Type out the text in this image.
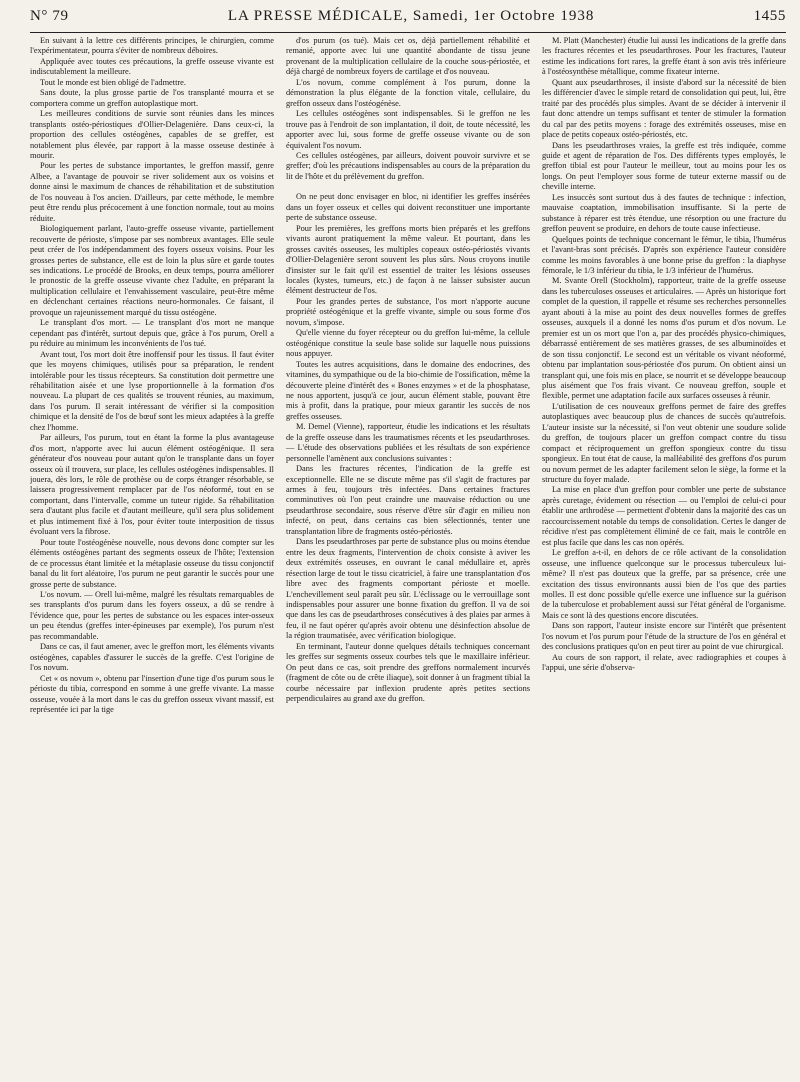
N° 79	LA PRESSE MÉDICALE, Samedi, 1er Octobre 1938	1455

En suivant à la lettre ces différents principes, le chirurgien, comme l'expérimentateur, pourra s'éviter de nombreux déboires.

Appliquée avec toutes ces précautions, la greffe osseuse vivante est indiscutablement la meilleure.

Tout le monde est bien obligé de l'admettre.

Sans doute, la plus grosse partie de l'os transplanté mourra et se comportera comme un greffon autoplastique mort.

Les meilleures conditions de survie sont réunies dans les minces transplants ostéo-périostiques d'Ollier-Delagenière. Dans ceux-ci, la proportion des cellules ostéogènes, capables de se greffer, est notablement plus élevée, par rapport à la masse osseuse destinée à mourir.

Pour les pertes de substance importantes, le greffon massif, genre Albee, a l'avantage de pouvoir se river solidement aux os voisins et donne ainsi le maximum de chances de réhabilitation et de substitution de l'os nouveau à l'os ancien. D'ailleurs, par cette méthode, le membre peut être rendu plus précocement à une fonction normale, tout au moins réduite.

Biologiquement parlant, l'auto-greffe osseuse vivante, partiellement recouverte de périoste, s'impose par ses nombreux avantages. Elle seule peut créer de l'os indépendamment des foyers osseux voisins. Pour les grosses pertes de substance, elle est de loin la plus sûre et garde toutes ses indications. Le procédé de Brooks, en deux temps, pourra améliorer le pronostic de la greffe osseuse vivante chez l'adulte, en préparant la multiplication cellulaire et l'envahissement vasculaire, peut-être même en déclenchant certaines réactions neuro-hormonales. Ce faisant, il provoque un rajeunissement marqué du tissu ostéogène.

Le transplant d'os mort. — Le transplant d'os mort ne manque cependant pas d'intérêt, surtout depuis que, grâce à l'os purum, Orell a pu réduire au minimum les inconvénients de l'os tué.

Avant tout, l'os mort doit être inoffensif pour les tissus. Il faut éviter que les moyens chimiques, utilisés pour sa préparation, le rendent intolérable pour les tissus récepteurs. Sa constitution doit permettre une réhabilitation aisée et une lyse proportionnelle à la formation d'os nouveau. La plupart de ces qualités se trouvent réunies, au maximum, dans l'os purum. Il serait intéressant de vérifier si la composition chimique et la densité de l'os de bœuf sont les mieux adaptées à la greffe chez l'homme.

Par ailleurs, l'os purum, tout en étant la forme la plus avantageuse d'os mort, n'apporte avec lui aucun élément ostéogénique. Il sera générateur d'os nouveau pour autant qu'on le transplante dans un foyer osseux où il trouvera, sur place, les cellules ostéogènes indispensables. Il jouera, dès lors, le rôle de prothèse ou de corps étranger résorbable, se laissera progressivement remplacer par de l'os néoformé, tout en se comportant, dans l'intervalle, comme un tuteur rigide. Sa réhabilitation sera d'autant plus facile et d'autant meilleure, qu'il sera plus solidement et plus intimement fixé à l'os, pour éviter toute interposition de tissus évoluant vers la fibrose.

Pour toute l'ostéogénèse nouvelle, nous devons donc compter sur les éléments ostéogènes partant des segments osseux de l'hôte; l'extension de ce processus étant limitée et la métaplasie osseuse du tissu conjonctif banal du lit fort aléatoire, l'os purum ne peut garantir le succès pour une grosse perte de substance.

L'os novum. — Orell lui-même, malgré les résultats remarquables de ses transplants d'os purum dans les foyers osseux, a dû se rendre à l'évidence que, pour les pertes de substance ou les espaces inter-osseux un peu étendus (greffes inter-épineuses par exemple), l'os purum n'est pas recommandable.

Dans ce cas, il faut amener, avec le greffon mort, les éléments vivants ostéogènes, capables d'assurer le succès de la greffe. C'est l'origine de l'os novum.

Cet « os novum », obtenu par l'insertion d'une tige d'os purum sous le périoste du tibia, correspond en somme à une greffe vivante. La masse osseuse, vouée à la mort dans le cas du greffon osseux vivant massif, est représentée ici par la tige

d'os purum (os tué). Mais cet os, déjà partiellement réhabilité et remanié, apporte avec lui une quantité abondante de tissu jeune provenant de la multiplication cellulaire de la couche sous-périostée, et déjà chargé de nombreux foyers de cartilage et d'os nouveau.

L'os novum, comme complément à l'os purum, donne la démonstration la plus élégante de la fonction vitale, cellulaire, du greffon osseux dans l'ostéogénèse.

Les cellules ostéogènes sont indispensables. Si le greffon ne les trouve pas à l'endroit de son implantation, il doit, de toute nécessité, les apporter avec lui, sous forme de greffe osseuse vivante ou de son équivalent l'os novum.

Ces cellules ostéogènes, par ailleurs, doivent pouvoir survivre et se greffer; d'où les précautions indispensables au cours de la préparation du lit de l'hôte et du prélèvement du greffon.

On ne peut donc envisager en bloc, ni identifier les greffes insérées dans un foyer osseux et celles qui doivent reconstituer une importante perte de substance osseuse.

Pour les premières, les greffons morts bien préparés et les greffons vivants auront pratiquement la même valeur. Et pourtant, dans les grosses cavités osseuses, les multiples copeaux ostéo-périostés vivants d'Ollier-Delagenière seront souvent les plus sûrs. Nous croyons inutile d'insister sur le fait qu'il est essentiel de traiter les lésions osseuses locales (kystes, tumeurs, etc.) de façon à ne laisser subsister aucun élément destructeur de l'os.

Pour les grandes pertes de substance, l'os mort n'apporte aucune propriété ostéogénique et la greffe vivante, simple ou sous forme d'os novum, s'impose.

Qu'elle vienne du foyer récepteur ou du greffon lui-même, la cellule ostéogénique constitue la seule base solide sur laquelle nous puissions nous appuyer.

Toutes les autres acquisitions, dans le domaine des endocrines, des vitamines, du sympathique ou de la bio-chimie de l'ossification, même la découverte pleine d'intérêt des « Bones enzymes » et de la phosphatase, ne nous apportent, jusqu'à ce jour, aucun élément stable, pouvant être mis à profit, dans la pratique, pour mieux garantir les succès de nos greffes osseuses.

M. Demel (Vienne), rapporteur, étudie les indications et les résultats de la greffe osseuse dans les traumatismes récents et les pseudarthroses. — L'étude des observations publiées et les résultats de son expérience personnelle l'amènent aux conclusions suivantes :

Dans les fractures récentes, l'indication de la greffe est exceptionnelle. Elle ne se discute même pas s'il s'agit de fractures par armes à feu, toujours très infectées. Dans certaines fractures comminutives où l'on peut craindre une mauvaise réduction ou une pseudarthrose secondaire, sous réserve d'être sûr d'agir en milieu non infecté, on peut, dans certains cas bien sélectionnés, tenter une transplantation libre de fragments ostéo-périostés.

Dans les pseudarthroses par perte de substance plus ou moins étendue entre les deux fragments, l'intervention de choix consiste à aviver les deux extrémités osseuses, en ouvrant le canal médullaire et, après résection large de tout le tissu cicatriciel, à faire une transplantation d'os libre avec des fragments comportant périoste et moelle. L'enchevillement seul paraît peu sûr. L'éclissage ou le verrouillage sont indispensables pour assurer une bonne fixation du greffon. Il va de soi que dans les cas de pseudarthroses consécutives à des plaies par armes à feu, il ne faut opérer qu'après avoir obtenu une désinfection absolue de la région traumatisée, avec vérification biologique.

En terminant, l'auteur donne quelques détails techniques concernant les greffes sur segments osseux courbes tels que le maxillaire inférieur. On peut dans ce cas, soit prendre des greffons normalement incurvés (fragment de côte ou de crête iliaque), soit donner à un fragment tibial la courbe nécessaire par inflexion prudente après petites sections perpendiculaires au grand axe du greffon.

M. Platt (Manchester) étudie lui aussi les indications de la greffe dans les fractures récentes et les pseudarthroses. Pour les fractures, l'auteur estime les indications fort rares, la greffe étant à son avis très inférieure à l'ostéosynthèse métallique, comme fixateur interne.

Quant aux pseudarthroses, il insiste d'abord sur la nécessité de bien les différencier d'avec le simple retard de consolidation qui peut, lui, être traité par des procédés plus simples. Avant de se décider à intervenir il faut donc attendre un temps suffisant et tenter de stimuler la formation du cal par des petits moyens : forage des extrémités osseuses, mise en place de petits copeaux ostéo-périostés, etc.

Dans les pseudarthroses vraies, la greffe est très indiquée, comme guide et agent de réparation de l'os. Des différents types employés, le greffon tibial est pour l'auteur le meilleur, tout au moins pour les os longs. On peut l'employer sous forme de tuteur externe massif ou de cheville interne.

Les insuccès sont surtout dus à des fautes de technique : infection, mauvaise coaptation, immobilisation insuffisante. Si la perte de substance à réparer est très étendue, une résorption ou une fracture du greffon peuvent se produire, en dehors de toute cause infectieuse.

Quelques points de technique concernant le fémur, le tibia, l'humérus et l'avant-bras sont précisés. D'après son expérience l'auteur considère comme les moins favorables à une bonne prise du greffon : la diaphyse fémorale, le 1/3 inférieur du tibia, le 1/3 inférieur de l'humérus.

M. Svante Orell (Stockholm), rapporteur, traite de la greffe osseuse dans les tuberculoses osseuses et articulaires. — Après un historique fort complet de la question, il rappelle et résume ses recherches personnelles ayant abouti à la mise au point des deux nouvelles formes de greffes osseuses, auxquels il a donné les noms d'os purum et d'os novum. Le premier est un os mort que l'on a, par des procédés physico-chimiques, débarrassé entièrement de ses matières grasses, de ses albuminoïdes et de son tissu conjonctif. Le second est un véritable os vivant néoformé, obtenu par implantation sous-périostée d'os purum. On obtient ainsi un transplant qui, une fois mis en place, se nourrit et se développe beaucoup plus aisément que l'os frais vivant. Ce nouveau greffon, souple et flexible, permet une adaptation facile aux surfaces osseuses à réunir.

L'utilisation de ces nouveaux greffons permet de faire des greffes autoplastiques avec beaucoup plus de chances de succès qu'autrefois. L'auteur insiste sur la nécessité, si l'on veut obtenir une soudure solide du greffon, de toujours placer un greffon compact contre du tissu compact et réciproquement un greffon spongieux contre du tissu spongieux. En tout état de cause, la malléabilité des greffons d'os purum ou novum permet de les adapter facilement selon le siège, la forme et la structure du foyer malade.

La mise en place d'un greffon pour combler une perte de substance après curetage, évidement ou résection — ou l'emploi de celui-ci pour établir une arthrodèse — permettent d'obtenir dans la majorité des cas un raccourcissement notable du temps de consolidation. Certes le danger de récidive n'est pas complètement éliminé de ce fait, mais le contrôle en est plus facile que dans les cas non opérés.

Le greffon a-t-il, en dehors de ce rôle activant de la consolidation osseuse, une influence quelconque sur le processus tuberculeux lui-même? Il n'est pas douteux que la greffe, par sa présence, crée une excitation des tissus environnants aussi bien de l'os que des parties molles. Il est donc possible qu'elle exerce une influence sur la guérison de la tuberculose et probablement aussi sur l'état général de l'organisme. Mais ce sont là des questions encore discutées.

Dans son rapport, l'auteur insiste encore sur l'intérêt que présentent l'os novum et l'os purum pour l'étude de la structure de l'os en général et des conclusions pratiques qu'on en peut tirer au point de vue chirurgical.

Au cours de son rapport, il relate, avec radiographies et coupes à l'appui, une série d'observa-
